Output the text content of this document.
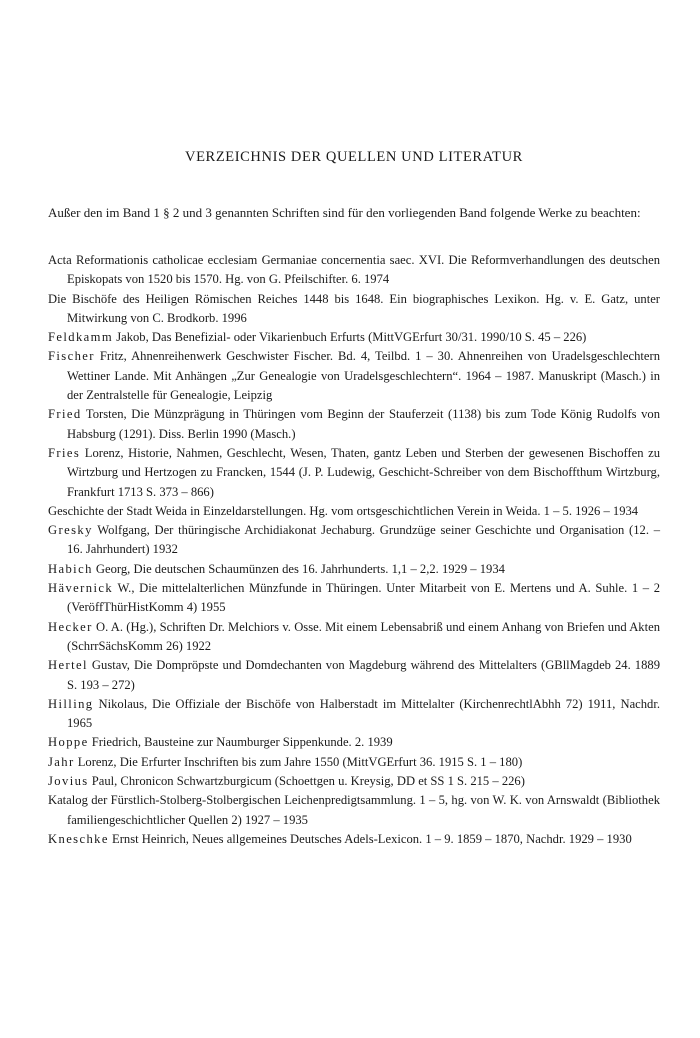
VERZEICHNIS DER QUELLEN UND LITERATUR

Außer den im Band 1 § 2 und 3 genannten Schriften sind für den vorliegenden Band folgende Werke zu beachten:

Acta Reformationis catholicae ecclesiam Germaniae concernentia saec. XVI. Die Reformverhandlungen des deutschen Episkopats von 1520 bis 1570. Hg. von G. Pfeilschifter. 6. 1974
Die Bischöfe des Heiligen Römischen Reiches 1448 bis 1648. Ein biographisches Lexikon. Hg. v. E. Gatz, unter Mitwirkung von C. Brodkorb. 1996
Feldkamm Jakob, Das Benefizial- oder Vikarienbuch Erfurts (MittVGErfurt 30/31. 1990/10 S. 45 – 226)
Fischer Fritz, Ahnenreihenwerk Geschwister Fischer. Bd. 4, Teilbd. 1 – 30. Ahnenreihen von Uradelsgeschlechtern Wettiner Lande. Mit Anhängen „Zur Genealogie von Uradelsgeschlechtern“. 1964 – 1987. Manuskript (Masch.) in der Zentralstelle für Genealogie, Leipzig
Fried Torsten, Die Münzprägung in Thüringen vom Beginn der Stauferzeit (1138) bis zum Tode König Rudolfs von Habsburg (1291). Diss. Berlin 1990 (Masch.)
Fries Lorenz, Historie, Nahmen, Geschlecht, Wesen, Thaten, gantz Leben und Sterben der gewesenen Bischoffen zu Wirtzburg und Hertzogen zu Francken, 1544 (J. P. Ludewig, Geschicht-Schreiber von dem Bischoffthum Wirtzburg, Frankfurt 1713 S. 373 – 866)
Geschichte der Stadt Weida in Einzeldarstellungen. Hg. vom ortsgeschichtlichen Verein in Weida. 1 – 5. 1926 – 1934
Gresky Wolfgang, Der thüringische Archidiakonat Jechaburg. Grundzüge seiner Geschichte und Organisation (12. – 16. Jahrhundert) 1932
Habich Georg, Die deutschen Schaumünzen des 16. Jahrhunderts. 1,1 – 2,2. 1929 – 1934
Hävernick W., Die mittelalterlichen Münzfunde in Thüringen. Unter Mitarbeit von E. Mertens und A. Suhle. 1 – 2 (VeröffThürHistKomm 4) 1955
Hecker O. A. (Hg.), Schriften Dr. Melchiors v. Osse. Mit einem Lebensabriß und einem Anhang von Briefen und Akten (SchrrSächsKomm 26) 1922
Hertel Gustav, Die Dompröpste und Domdechanten von Magdeburg während des Mittelalters (GBllMagdeb 24. 1889 S. 193 – 272)
Hilling Nikolaus, Die Offiziale der Bischöfe von Halberstadt im Mittelalter (KirchenrechtlAbhh 72) 1911, Nachdr. 1965
Hoppe Friedrich, Bausteine zur Naumburger Sippenkunde. 2. 1939
Jahr Lorenz, Die Erfurter Inschriften bis zum Jahre 1550 (MittVGErfurt 36. 1915 S. 1 – 180)
Jovius Paul, Chronicon Schwartzburgicum (Schoettgen u. Kreysig, DD et SS 1 S. 215 – 226)
Katalog der Fürstlich-Stolberg-Stolbergischen Leichenpredigtsammlung. 1 – 5, hg. von W. K. von Arnswaldt (Bibliothek familiengeschichtlicher Quellen 2) 1927 – 1935
Kneschke Ernst Heinrich, Neues allgemeines Deutsches Adels-Lexicon. 1 – 9. 1859 – 1870, Nachdr. 1929 – 1930
